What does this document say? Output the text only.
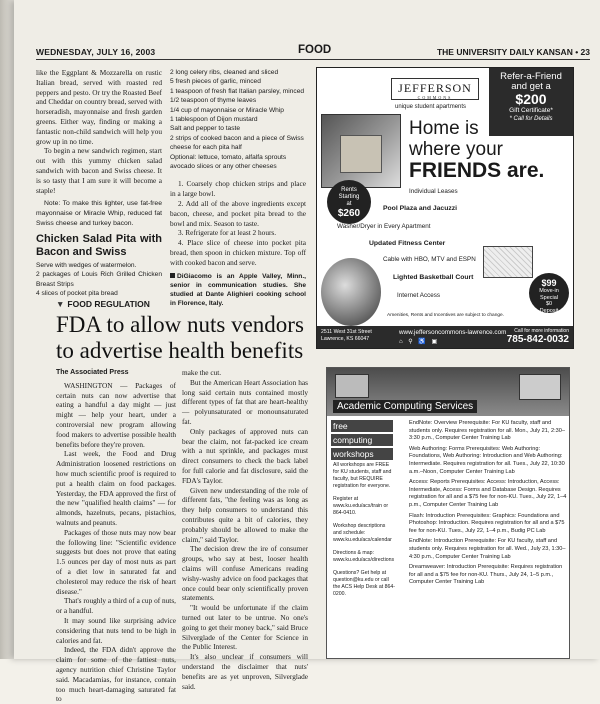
WEDNESDAY, JULY 16, 2003	FOOD	THE UNIVERSITY DAILY KANSAN • 23

like the Eggplant & Mozzarella on rustic Italian bread, served with roasted red peppers and pesto. Or try the Roasted Beef and Cheddar on country bread, served with horseradish, mayonnaise and fresh garden greens. Either way, finding or making a fantastic non-child sandwich will help you grow up in no time.

To begin a new sandwich regimen, start out with this yummy chicken salad sandwich with bacon and Swiss cheese. It is so tasty that I am sure it will become a staple!

Note: To make this lighter, use fat-free mayonnaise or Miracle Whip, reduced fat Swiss cheese and turkey bacon.

Chicken Salad Pita with Bacon and Swiss
Serve with wedges of watermelon.
2 packages of Louis Rich Grilled Chicken Breast Strips
4 slices of pocket pita bread
2 long celery ribs, cleaned and sliced
5 fresh pieces of garlic, minced
1 teaspoon of fresh flat Italian parsley, minced
1/2 teaspoon of thyme leaves
1/4 cup of mayonnaise or Miracle Whip
1 tablespoon of Dijon mustard
Salt and pepper to taste
2 strips of cooked bacon and a piece of Swiss cheese for each pita half
Optional: lettuce, tomato, alfalfa sprouts avocado slices or any other cheeses

1. Coarsely chop chicken strips and place in a large bowl.

2. Add all of the above ingredients except bacon, cheese, and pocket pita bread to the bowl and mix. Season to taste.

3. Refrigerate for at least 2 hours.

4. Place slice of cheese into pocket pita bread, then spoon in chicken mixture. Top off with cooked bacon and serve.

DiGiacomo is an Apple Valley, Minn., senior in communication studies. She studied at Dante Alighieri cooking school in Florence, Italy.
▼ FOOD REGULATION
FDA to allow nuts vendors to advertise health benefits
The Associated Press

WASHINGTON — Packages of certain nuts can now advertise that eating a handful a day might — just might — help your heart, under a controversial new program allowing food makers to advertise possible health benefits before they're proven.

Last week, the Food and Drug Administration loosened restrictions on how much scientific proof is required to put a health claim on food packages. Yesterday, the FDA approved the first of the new "qualified health claims" — for almonds, hazelnuts, pecans, pistachios, walnuts and peanuts.

Packages of those nuts may now bear the following line: "Scientific evidence suggests but does not prove that eating 1.5 ounces per day of most nuts as part of a diet low in saturated fat and cholesterol may reduce the risk of heart disease."

That's roughly a third of a cup of nuts, or a handful.

It may sound like surprising advice considering that nuts tend to be high in calories and fat.

Indeed, the FDA didn't approve the claim for some of the fattiest nuts, agency nutrition chief Christine Taylor said. Macadamias, for instance, contain too much heart-damaging saturated fat to

make the cut.

But the American Heart Association has long said certain nuts contained mostly different types of fat that are heart-healthy — polyunsaturated or monounsaturated fat.

Only packages of approved nuts can bear the claim, not fat-packed ice cream with a nut sprinkle, and packages must direct consumers to check the back label for full calorie and fat disclosure, said the FDA's Taylor.

Given new understanding of the role of different fats, "the feeling was as long as they help consumers to understand this contributes quite a bit of calories, they probably should be allowed to make the claim," said Taylor.

The decision drew the ire of consumer groups, who say at best, looser health claims will confuse Americans reading wishy-washy advice on food packages that once could bear only scientifically proven statements.

"It would be unfortunate if the claim turned out later to be untrue. No one's going to get their money back," said Bruce Silverglade of the Center for Science in the Public Interest.

It's also unclear if consumers will understand the disclaimer that nuts' benefits are as yet unproven, Silverglade said.

JEFFERSON
COMMONS
unique student apartments
Refer-a-Friend
and get a
$200
Gift Certificate*
* Call for Details
Home is
where your
FRIENDS are.
Rents
Starting
at
$260
Individual Leases
Pool Plaza and Jacuzzi
Washer/Dryer in Every Apartment
Updated Fitness Center
Cable with HBO, MTV and ESPN
Lighted Basketball Court
Internet Access
$99
Move-in
Special
$0
Deposit
Amenities, Rents and Incentives are subject to change.
2511 West 31st Street
Lawrence, KS 66047
www.jeffersoncommons-lawrence.com
⌂ ⚲ ♿ ▣
Call for more information
785-842-0032
Academic Computing Services
free
computing
workshops

All workshops are FREE for KU students, staff and faculty, but REQUIRE registration for everyone.

Register at www.ku.edu/acs/train or 864-0410.

Workshop descriptions and schedule: www.ku.edu/acs/calendar

Directions & map: www.ku.edu/acs/directions

Questions? Get help at question@ku.edu or call the ACS Help Desk at 864-0200.

EndNote: Overview Prerequisite: For KU faculty, staff and students only. Requires registration for all. Mon., July 21, 2:30–3:30 p.m., Computer Center Training Lab

Web Authoring: Forms Prerequisites: Web Authoring: Foundations, Web Authoring: Introduction and Web Authoring: Intermediate. Requires registration for all. Tues., July 22, 10:30 a.m.–Noon, Computer Center Training Lab

Access: Reports Prerequisites: Access: Introduction, Access: Intermediate, Access: Forms and Database Design. Requires registration for all and a $75 fee for non-KU. Tues., July 22, 1–4 p.m., Computer Center Training Lab

Flash: Introduction Prerequisites: Graphics: Foundations and Photoshop: Introduction. Requires registration for all and a $75 fee for non-KU. Tues., July 22, 1–4 p.m., Budig PC Lab

EndNote: Introduction Prerequisite: For KU faculty, staff and students only. Requires registration for all. Wed., July 23, 1:30–4:30 p.m., Computer Center Training Lab

Dreamweaver: Introduction Prerequisite: Requires registration for all and a $75 fee for non-KU. Thurs., July 24, 1–5 p.m., Computer Center Training Lab
